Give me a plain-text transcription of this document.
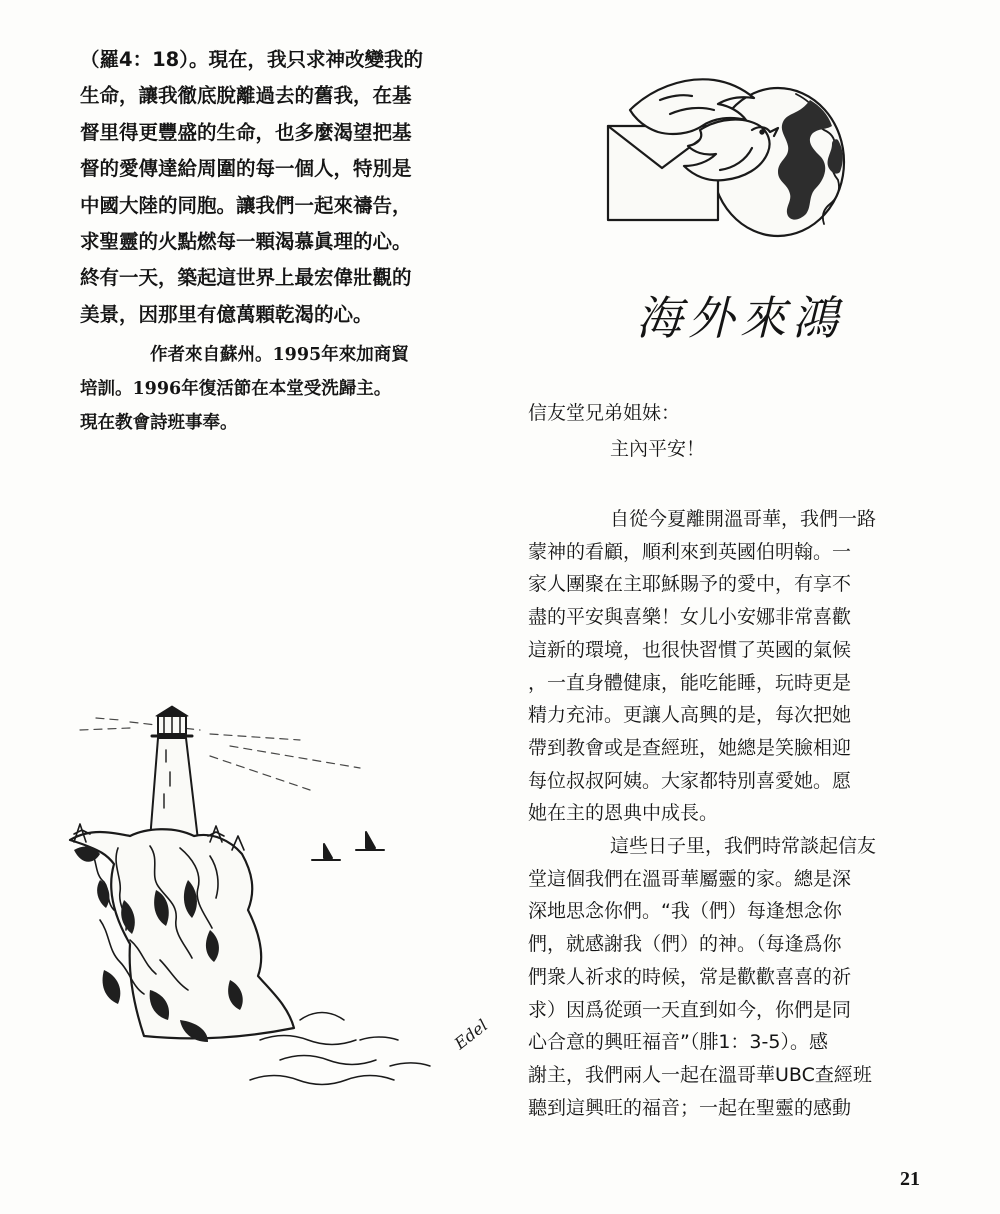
（羅4：18）。現在，我只求神改變我的
生命，讓我徹底脫離過去的舊我，在基
督里得更豐盛的生命，也多麼渴望把基
督的愛傳達給周圍的每一個人，特別是
中國大陸的同胞。讓我們一起來禱告，
求聖靈的火點燃每一顆渴慕眞理的心。
終有一天，築起這世界上最宏偉壯觀的
美景，因那里有億萬顆乾渴的心。

作者來自蘇州。1995年來加商貿
培訓。1996年復活節在本堂受洗歸主。
現在教會詩班事奉。

海外來鴻

信友堂兄弟姐妹：

主內平安！

自從今夏離開溫哥華，我們一路
蒙神的看顧，順利來到英國伯明翰。一
家人團聚在主耶穌賜予的愛中，有享不
盡的平安與喜樂！女儿小安娜非常喜歡
這新的環境，也很快習慣了英國的氣候
，一直身體健康，能吃能睡，玩時更是
精力充沛。更讓人高興的是，每次把她
帶到教會或是查經班，她總是笑臉相迎
每位叔叔阿姨。大家都特別喜愛她。愿
她在主的恩典中成長。

這些日子里，我們時常談起信友
堂這個我們在溫哥華屬靈的家。總是深
深地思念你們。“我（們）每逢想念你
們，就感謝我（們）的神。（每逢爲你
們衆人祈求的時候，常是歡歡喜喜的祈
求）因爲從頭一天直到如今，你們是同
心合意的興旺福音”（腓1：3-5）。感
謝主，我們兩人一起在溫哥華UBC查經班
聽到這興旺的福音；一起在聖靈的感動

Edel

21
